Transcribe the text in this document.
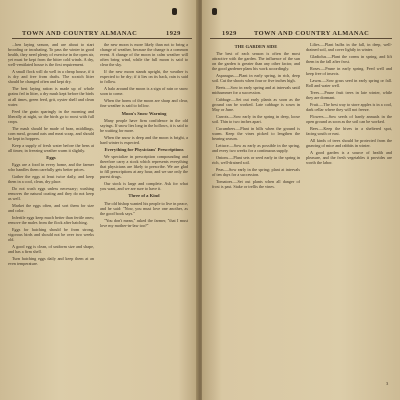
TOWN AND COUNTRY ALMANAC	1929

...hen laying season, and are about to start brooding or incubating. To pass the winter in good health, they need plenty of exercise in the open air, yet must be kept from the bitter cold winds. A dry, well-ventilated house is the first requirement.

A small flock will do well in a cheap house, if it is dry and free from drafts. The scratch litter should be changed often and kept dry.

The best laying ration is made up of whole grains fed in litter, a dry mash kept before the birds at all times, green feed, grit, oyster shell and clean water.

Feed the grain sparingly in the morning and liberally at night, so the birds go to roost with full crops.

The mash should be made of bran, middlings, corn meal, ground oats and meat scrap, and should be kept in hoppers.

Keep a supply of fresh water before the hens at all times; in freezing weather warm it slightly.

Eggs

Eggs are a food in every home, and the farmer who handles them carefully gets better prices.

Gather the eggs at least twice daily, and keep them in a cool, clean, dry place.

Do not wash eggs unless necessary; washing removes the natural coating and they do not keep as well.

Market the eggs often, and sort them for size and color.

Infertile eggs keep much better than fertile ones; remove the males from the flock after hatching.

Eggs for hatching should be from strong, vigorous birds and should not be over two weeks old.

A good egg is clean, of uniform size and shape, and has a firm shell.

Turn hatching eggs daily and keep them at an even temperature.

the new moon is more likely than not to bring a change of weather, because the change is a common event. A change of the moon in calm weather will often bring wind, while the full moon is said to clear the sky.

If the new moon stands upright, the weather is expected to be dry; if it lies on its back, rain is said to follow.

A halo around the moon is a sign of rain or snow soon to come.

When the horns of the moon are sharp and clear, fine weather is said to follow.

Moon's Snow Warning

Many people have firm confidence in the old sayings. If snow lies long in the hollows, it is said to be waiting for more.

When the snow is deep and the moon is bright, a hard winter is expected.

Everything for Physicians' Prescriptions

We specialize in prescription compounding and therefore carry a stock which represents everything that physicians are likely to prescribe. We are glad to fill prescriptions at any hour, and we use only the purest drugs.

Our stock is large and complete. Ask for what you want, and we are sure to have it.

Three of a Kind

The old bishop wanted his people to live in peace, and he said: "Now, you must love one another, as the good book says."

"You don't mean," asked the farmer, "that I must love my mother-in-law too?"

1929	TOWN AND COUNTRY ALMANAC

THE GARDEN SIDE

The best of each season is often the most attractive with the garden. The influence of the sun on the garden is greater than any other factor, and the good gardener plans his work accordingly.

Asparagus.—Plant in early spring, in rich, deep soil. Cut the shoots when four or five inches high.

Beets.—Sow in early spring and at intervals until midsummer for a succession.

Cabbage.—Set out early plants as soon as the ground can be worked. Late cabbage is sown in May or June.

Carrots.—Sow early in the spring in deep, loose soil. Thin to two inches apart.

Cucumbers.—Plant in hills when the ground is warm. Keep the vines picked to lengthen the bearing season.

Lettuce.—Sow as early as possible in the spring, and every two weeks for a continuous supply.

Onions.—Plant sets or seed early in the spring in rich, well-drained soil.

Peas.—Sow early in the spring; plant at intervals of ten days for a succession.

Tomatoes.—Set out plants when all danger of frost is past. Stake or trellis the vines.

Lilies.—Plant bulbs in the fall, in deep, well-drained soil, and cover lightly in winter.

Gladiolus.—Plant the corms in spring, and lift them in the fall after frost.

Roses.—Prune in early spring. Feed well and keep free of insects.

Lawns.—Sow grass seed in early spring or fall. Roll and water well.

Trees.—Prune fruit trees in late winter, while they are dormant.

Fruit.—The best way to store apples is in a cool, dark cellar where they will not freeze.

Flowers.—Sow seeds of hardy annuals in the open ground as soon as the soil can be worked.

Bees.—Keep the hives in a sheltered spot, facing south or east.

All kinds of trees should be protected from the gnawing of mice and rabbits in winter.

A good garden is a source of health and pleasure, and the fresh vegetables it provides are worth the labor.

3
